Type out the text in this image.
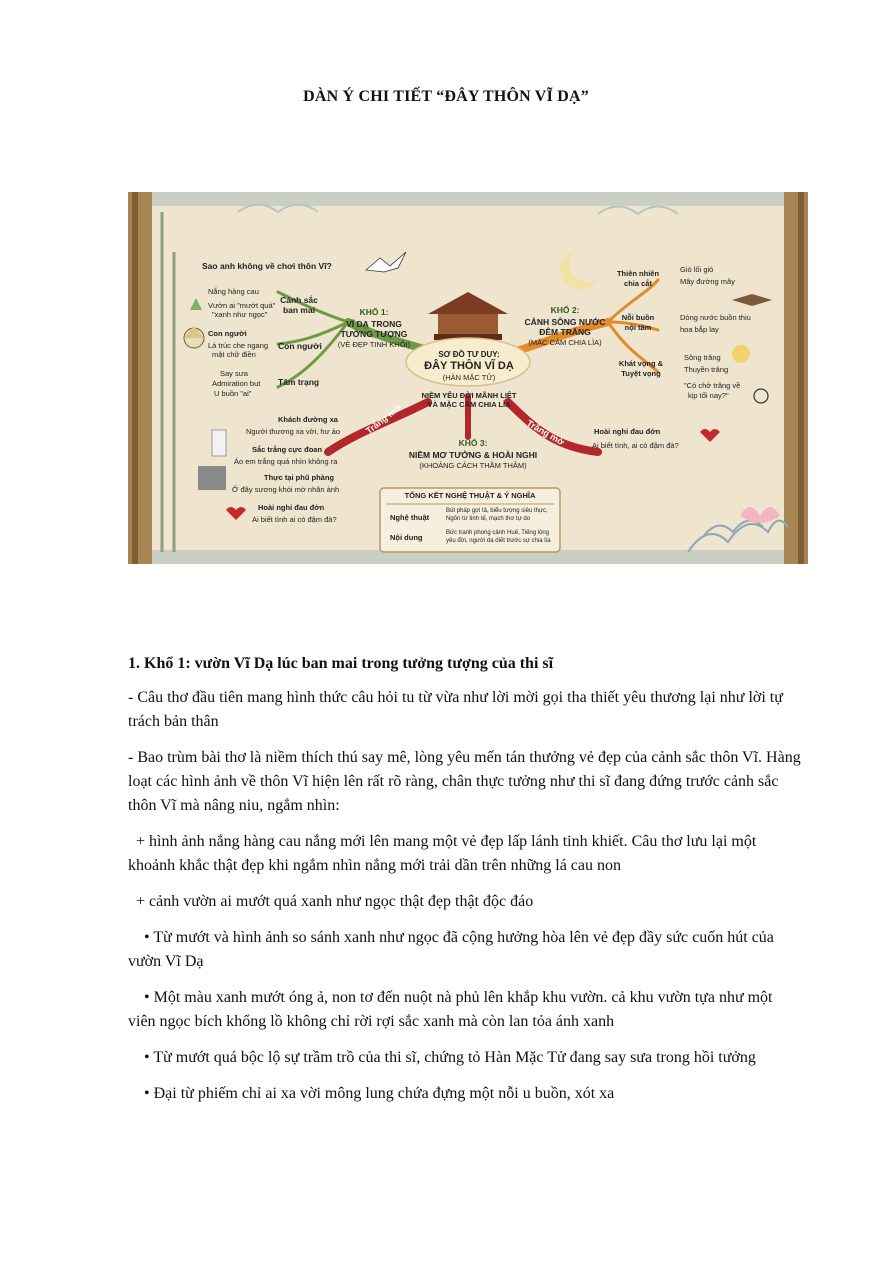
DÀN Ý CHI TIẾT “ĐÂY THÔN VĨ DẠ”
Sao anh không về chơi thôn Vĩ?
SƠ ĐỒ TƯ DUY:
ĐÂY THÔN VĨ DẠ
(HÀN MẶC TỬ)
NIỀM YÊU ĐỜI MÃNH LIỆT
VÀ MẶC CẢM CHIA LÌA
KHỔ 1:
VĨ DẠ TRONG
TƯỞNG TƯỢNG
(VẺ ĐẸP TINH KHÔI)
KHỔ 2:
CẢNH SÔNG NƯỚC
ĐÊM TRĂNG
(MẶC CẢM CHIA LÌA)
KHỔ 3:
NIỀM MƠ TƯỞNG & HOÀI NGHI
(KHOẢNG CÁCH THĂM THẲM)
Cảnh sắc
ban mai
Nắng hàng cau
Vườn ai "mướt quá"
"xanh như ngọc"
Con người
Lá trúc che ngang
mặt chữ điền
Con người
Say sưa
Admiration but
U buồn "ai"
Tâm trạng
Thiên nhiên
chia cắt
Gió lối gió
Mây đường mây
Nỗi buồn
nội tâm
Dòng nước buồn thiu
hoa bắp lay
Khát vọng &
Tuyệt vọng
Sông trăng
Thuyền trăng
"Có chở trăng về
kịp tối nay?"
Trắng mờ	Trắng mờ
Khách đường xa
Người thương xa vời, hư ảo
Sắc trắng cực đoan
Áo em trắng quá nhìn không ra
Thực tại phũ phàng
Ở đây sương khói mờ nhân ảnh
Hoài nghi đau đớn
Ai biết tình ai có đậm đà?
Hoài nghi đau đớn
Ai biết tình, ai có đậm đà?
TỔNG KẾT NGHỆ THUẬT & Ý NGHĨA
Nghệ thuật
Bút pháp gợi tả, biểu tượng siêu thực,
Ngôn từ tinh tế, mạch thơ tự do
Nội dung	Bức tranh phong cảnh Huế, Tiếng lòng
yêu đời, người da diết trước sự chia lìa

1. Khổ 1: vườn Vĩ Dạ lúc ban mai trong tưởng tượng của thi sĩ

- Câu thơ đầu tiên mang hình thức câu hỏi tu từ vừa như lời mời gọi tha thiết yêu thương lại như lời tự trách bản thân

- Bao trùm bài thơ là niềm thích thú say mê, lòng yêu mến tán thưởng vẻ đẹp của cảnh sắc thôn Vĩ. Hàng loạt các hình ảnh về thôn Vĩ hiện lên rất rõ ràng, chân thực tưởng như thi sĩ đang đứng trước cảnh sắc thôn Vĩ mà nâng niu, ngắm nhìn:

+ hình ảnh nắng hàng cau nắng mới lên mang một vẻ đẹp lấp lánh tinh khiết. Câu thơ lưu lại một khoảnh khắc thật đẹp khi ngắm nhìn nắng mới trải dần trên những lá cau non

+ cảnh vườn ai mướt quá xanh như ngọc thật đẹp thật độc đáo

• Từ mướt và hình ảnh so sánh xanh như ngọc đã cộng hưởng hòa lên vẻ đẹp đầy sức cuốn hút của vườn Vĩ Dạ

• Một màu xanh mướt óng ả, non tơ đến nuột nà phủ lên khắp khu vườn. cả khu vườn tựa như một viên ngọc bích khổng lồ không chỉ rời rợi sắc xanh mà còn lan tỏa ánh xanh

• Từ mướt quá bộc lộ sự trầm trồ của thi sĩ, chứng tỏ Hàn Mặc Tử đang say sưa trong hồi tưởng

• Đại từ phiếm chỉ ai xa vời mông lung chứa đựng một nỗi u buồn, xót xa
